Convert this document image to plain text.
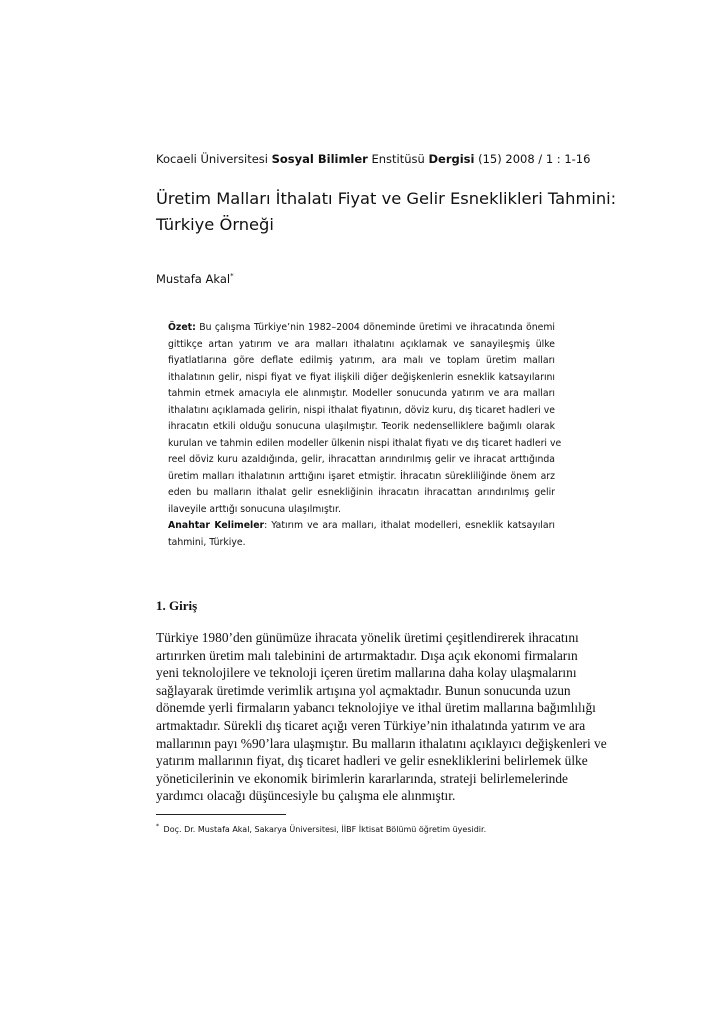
Kocaeli Üniversitesi Sosyal Bilimler Enstitüsü Dergisi (15) 2008 / 1 : 1-16
Üretim Malları İthalatı Fiyat ve Gelir Esneklikleri Tahmini:
Türkiye Örneği
Mustafa Akal*
Özet: Bu çalışma Türkiye’nin 1982–2004 döneminde üretimi ve ihracatında önemi
gittikçe artan yatırım ve ara malları ithalatını açıklamak ve sanayileşmiş ülke
fiyatlatlarına göre deflate edilmiş yatırım, ara malı ve toplam üretim malları
ithalatının gelir, nispi fiyat ve fiyat ilişkili diğer değişkenlerin esneklik katsayılarını
tahmin etmek amacıyla ele alınmıştır. Modeller sonucunda yatırım ve ara malları
ithalatını açıklamada gelirin, nispi ithalat fiyatının, döviz kuru, dış ticaret hadleri ve
ihracatın etkili olduğu sonucuna ulaşılmıştır. Teorik nedenselliklere bağımlı olarak
kurulan ve tahmin edilen modeller ülkenin nispi ithalat fiyatı ve dış ticaret hadleri ve
reel döviz kuru azaldığında, gelir, ihracattan arındırılmış gelir ve ihracat arttığında
üretim malları ithalatının arttığını işaret etmiştir. İhracatın sürekliliğinde önem arz
eden bu malların ithalat gelir esnekliğinin ihracatın ihracattan arındırılmış gelir
ilaveyile arttığı sonucuna ulaşılmıştır.
Anahtar Kelimeler: Yatırım ve ara malları, ithalat modelleri, esneklik katsayıları
tahmini, Türkiye.
1. Giriş
Türkiye 1980’den günümüze ihracata yönelik üretimi çeşitlendirerek ihracatını
artırırken üretim malı talebinini de artırmaktadır. Dışa açık ekonomi firmaların
yeni teknolojilere ve teknoloji içeren üretim mallarına daha kolay ulaşmalarını
sağlayarak üretimde verimlik artışına yol açmaktadır. Bunun sonucunda uzun
dönemde yerli firmaların yabancı teknolojiye ve ithal üretim mallarına bağımlılığı
artmaktadır. Sürekli dış ticaret açığı veren Türkiye’nin ithalatında yatırım ve ara
mallarının payı %90’lara ulaşmıştır. Bu malların ithalatını açıklayıcı değişkenleri ve
yatırım mallarının fiyat, dış ticaret hadleri ve gelir esnekliklerini belirlemek ülke
yöneticilerinin ve ekonomik birimlerin kararlarında, strateji belirlemelerinde
yardımcı olacağı düşüncesiyle bu çalışma ele alınmıştır.
* Doç. Dr. Mustafa Akal, Sakarya Üniversitesi, İİBF İktisat Bölümü öğretim üyesidir.
